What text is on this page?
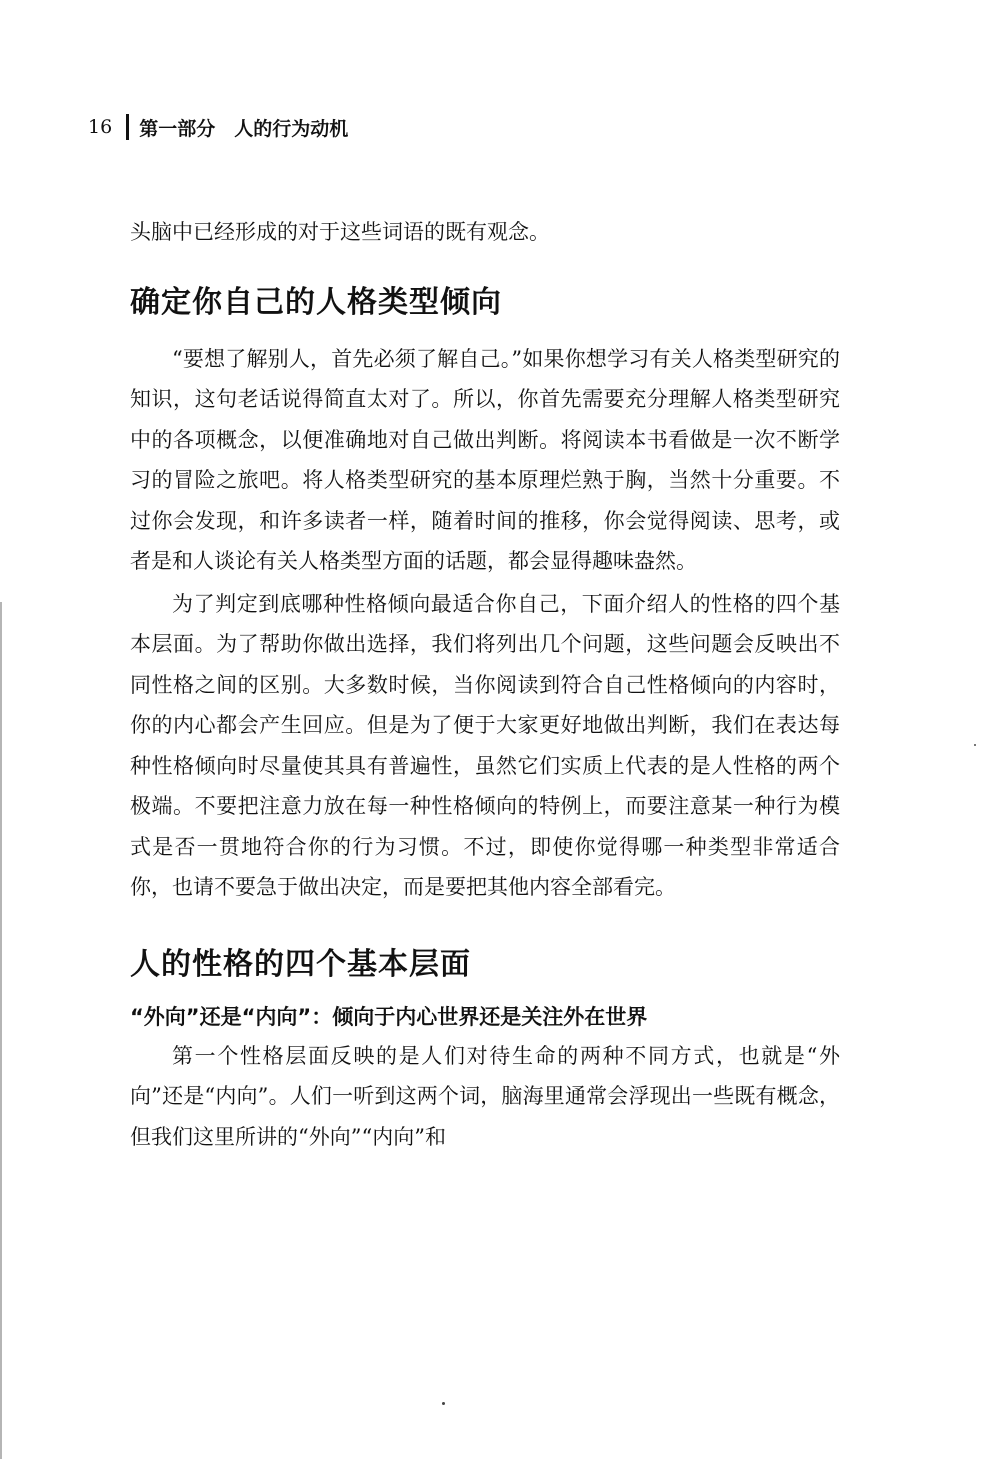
16 第一部分　人的行为动机

头脑中已经形成的对于这些词语的既有观念。

确定你自己的人格类型倾向

“要想了解别人，首先必须了解自己。”如果你想学习有关人格类型研究的知识，这句老话说得简直太对了。所以，你首先需要充分理解人格类型研究中的各项概念，以便准确地对自己做出判断。将阅读本书看做是一次不断学习的冒险之旅吧。将人格类型研究的基本原理烂熟于胸，当然十分重要。不过你会发现，和许多读者一样，随着时间的推移，你会觉得阅读、思考，或者是和人谈论有关人格类型方面的话题，都会显得趣味盎然。

为了判定到底哪种性格倾向最适合你自己，下面介绍人的性格的四个基本层面。为了帮助你做出选择，我们将列出几个问题，这些问题会反映出不同性格之间的区别。大多数时候，当你阅读到符合自己性格倾向的内容时，你的内心都会产生回应。但是为了便于大家更好地做出判断，我们在表达每种性格倾向时尽量使其具有普遍性，虽然它们实质上代表的是人性格的两个极端。不要把注意力放在每一种性格倾向的特例上，而要注意某一种行为模式是否一贯地符合你的行为习惯。不过，即使你觉得哪一种类型非常适合你，也请不要急于做出决定，而是要把其他内容全部看完。

人的性格的四个基本层面
“外向”还是“内向”：倾向于内心世界还是关注外在世界

第一个性格层面反映的是人们对待生命的两种不同方式，也就是“外向”还是“内向”。人们一听到这两个词，脑海里通常会浮现出一些既有概念，但我们这里所讲的“外向”“内向”和
